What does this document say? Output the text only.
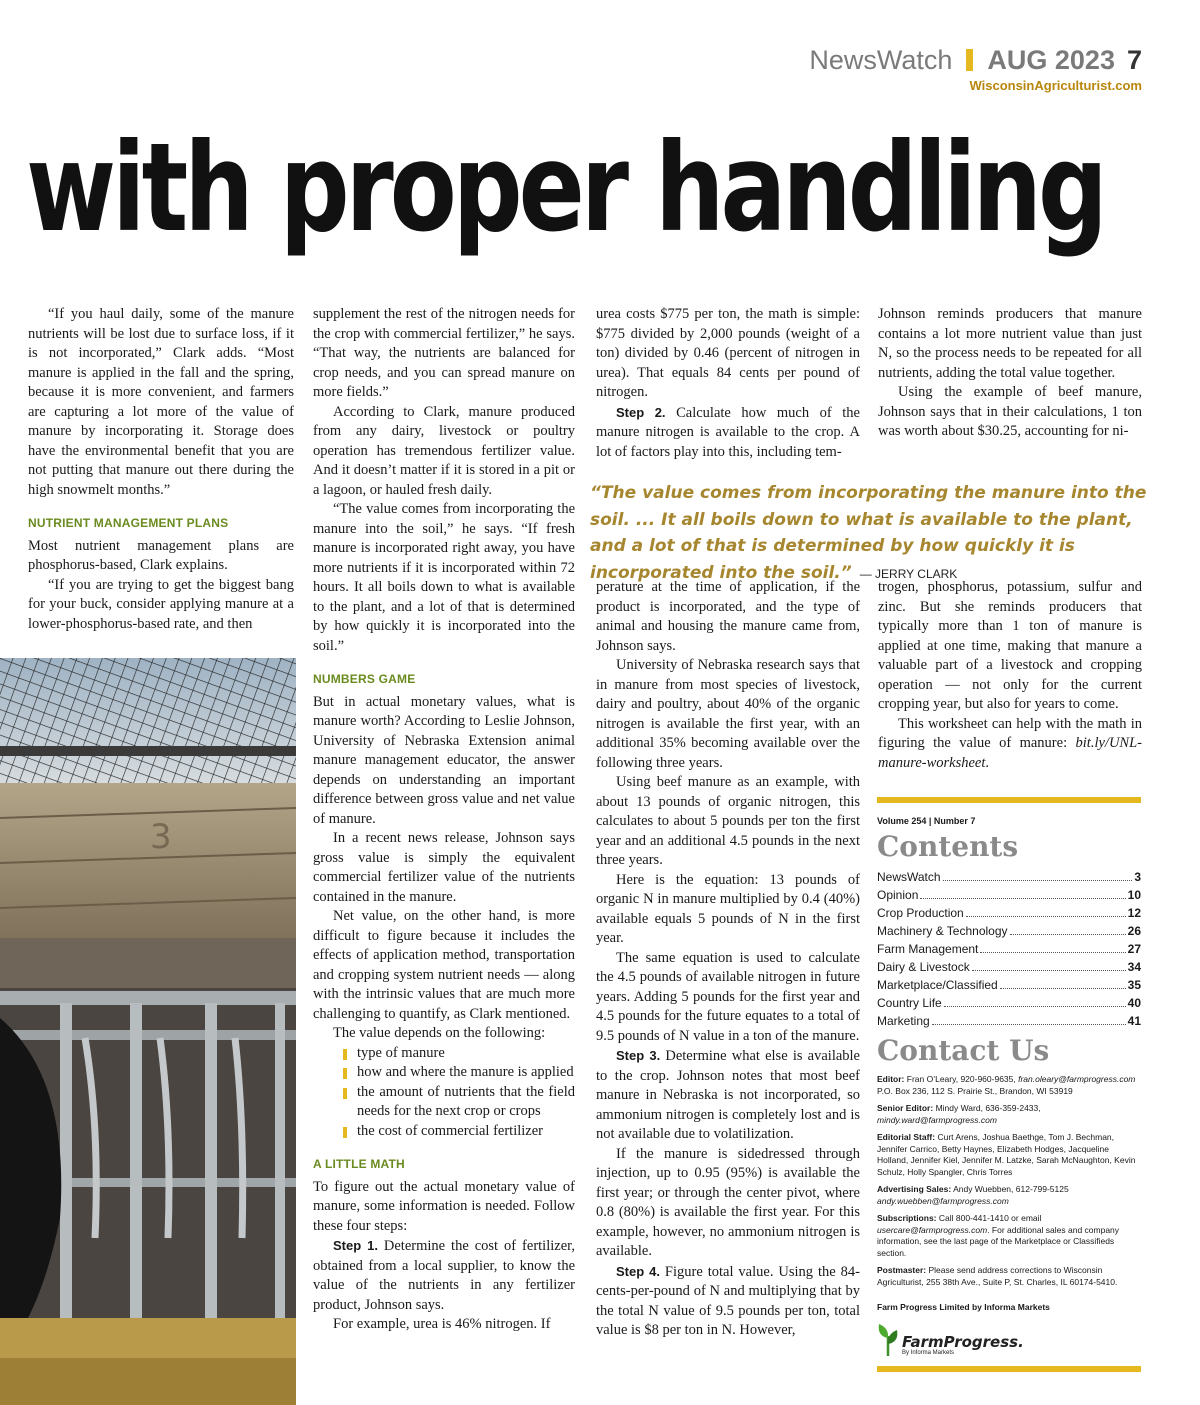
NewsWatch AUG 2023 7
WisconsinAgriculturist.com
with proper handling

“If you haul daily, some of the manure nutrients will be lost due to surface loss, if it is not incorporated,” Clark adds. “Most manure is applied in the fall and the spring, because it is more convenient, and farmers are capturing a lot more of the value of manure by incorporating it. Storage does have the environmental benefit that you are not putting that manure out there during the high snowmelt months.”

NUTRIENT MANAGEMENT PLANS

Most nutrient management plans are phosphorus-based, Clark explains.

“If you are trying to get the biggest bang for your buck, consider applying manure at a lower-phosphorus-based rate, and then

3

supplement the rest of the nitrogen needs for the crop with commercial fertilizer,” he says. “That way, the nutrients are balanced for crop needs, and you can spread manure on more fields.”

According to Clark, manure produced from any dairy, livestock or poultry operation has tremendous fertilizer value. And it doesn’t matter if it is stored in a pit or a lagoon, or hauled fresh daily.

“The value comes from incorporating the manure into the soil,” he says. “If fresh manure is incorporated right away, you have more nutrients if it is incorporated within 72 hours. It all boils down to what is available to the plant, and a lot of that is determined by how quickly it is incorporated into the soil.”

NUMBERS GAME

But in actual monetary values, what is manure worth? According to Leslie Johnson, University of Nebraska Extension animal manure management educator, the answer depends on understanding an important difference between gross value and net value of manure.

In a recent news release, Johnson says gross value is simply the equivalent commercial fertilizer value of the nutrients contained in the manure.

Net value, on the other hand, is more difficult to figure because it includes the effects of application method, transportation and cropping system nutrient needs — along with the intrinsic values that are much more challenging to quantify, as Clark mentioned.

The value depends on the following:

type of manure
how and where the manure is applied
the amount of nutrients that the field needs for the next crop or crops
the cost of commercial fertilizer
A LITTLE MATH

To figure out the actual monetary value of manure, some information is needed. Follow these four steps:

Step 1. Determine the cost of fertilizer, obtained from a local supplier, to know the value of the nutrients in any fertilizer product, Johnson says.

For example, urea is 46% nitrogen. If

urea costs $775 per ton, the math is simple: $775 divided by 2,000 pounds (weight of a ton) divided by 0.46 (percent of nitrogen in urea). That equals 84 cents per pound of nitrogen.

Step 2. Calculate how much of the manure nitrogen is available to the crop. A lot of factors play into this, including tem-

Johnson reminds producers that manure contains a lot more nutrient value than just N, so the process needs to be repeated for all nutrients, adding the total value together.

Using the example of beef manure, Johnson says that in their calculations, 1 ton was worth about $30.25, accounting for ni-

“The value comes from incorporating the manure into the soil. ... It all boils down to what is available to the plant, and a lot of that is determined by how quickly it is incorporated into the soil.” — JERRY CLARK

perature at the time of application, if the product is incorporated, and the type of animal and housing the manure came from, Johnson says.

University of Nebraska research says that in manure from most species of livestock, dairy and poultry, about 40% of the organic nitrogen is available the first year, with an additional 35% becoming available over the following three years.

Using beef manure as an example, with about 13 pounds of organic nitrogen, this calculates to about 5 pounds per ton the first year and an additional 4.5 pounds in the next three years.

Here is the equation: 13 pounds of organic N in manure multiplied by 0.4 (40%) available equals 5 pounds of N in the first year.

The same equation is used to calculate the 4.5 pounds of available nitrogen in future years. Adding 5 pounds for the first year and 4.5 pounds for the future equates to a total of 9.5 pounds of N value in a ton of the manure.

Step 3. Determine what else is available to the crop. Johnson notes that most beef manure in Nebraska is not incorporated, so ammonium nitrogen is completely lost and is not available due to volatilization.

If the manure is sidedressed through injection, up to 0.95 (95%) is available the first year; or through the center pivot, where 0.8 (80%) is available the first year. For this example, however, no ammonium nitrogen is available.

Step 4. Figure total value. Using the 84-cents-per-pound of N and multiplying that by the total N value of 9.5 pounds per ton, total value is $8 per ton in N. However,

trogen, phosphorus, potassium, sulfur and zinc. But she reminds producers that typically more than 1 ton of manure is applied at one time, making that manure a valuable part of a livestock and cropping operation — not only for the current cropping year, but also for years to come.

This worksheet can help with the math in figuring the value of manure: bit.ly/UNL-manure-worksheet.

Volume 254 | Number 7
Contents
NewsWatch	3
Opinion	10
Crop Production	12
Machinery & Technology	26
Farm Management	27
Dairy & Livestock	34
Marketplace/Classified	35
Country Life	40
Marketing	41
Contact Us

Editor: Fran O’Leary, 920-960-9635, fran.oleary@farmprogress.com
P.O. Box 236, 112 S. Prairie St., Brandon, WI 53919

Senior Editor: Mindy Ward, 636-359-2433, mindy.ward@farmprogress.com

Editorial Staff: Curt Arens, Joshua Baethge, Tom J. Bechman, Jennifer Carrico, Betty Haynes, Elizabeth Hodges, Jacqueline Holland, Jennifer Kiel, Jennifer M. Latzke, Sarah McNaughton, Kevin Schulz, Holly Spangler, Chris Torres

Advertising Sales: Andy Wuebben, 612-799-5125
andy.wuebben@farmprogress.com

Subscriptions: Call 800-441-1410 or email usercare@farmprogress.com. For additional sales and company information, see the last page of the Marketplace or Classifieds section.

Postmaster: Please send address corrections to Wisconsin Agriculturist, 255 38th Ave., Suite P, St. Charles, IL 60174-5410.

Farm Progress Limited by Informa Markets

FarmProgress.
By Informa Markets
